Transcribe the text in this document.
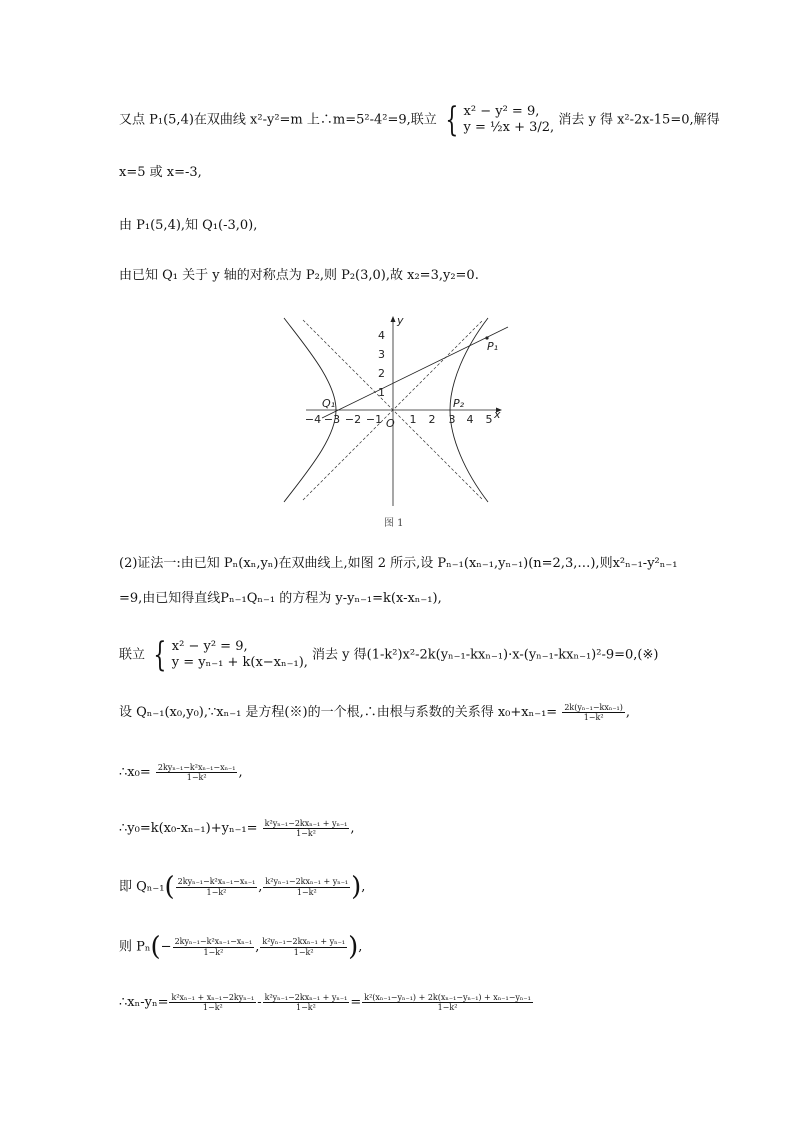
又点 P₁(5,4)在双曲线 x²-y²=m 上∴m=5²-4²=9,联立 { x² − y² = 9,
y = ½x + 3/2, 消去 y 得 x²-2x-15=0,解得
x=5 或 x=-3,
由 P₁(5,4),知 Q₁(-3,0),
由已知 Q₁ 关于 y 轴的对称点为 P₂,则 P₂(3,0),故 x₂=3,y₂=0.
−4 −3 −2 −1 1 2 3 4 5
1
2
3
4
O
x
y
Q₁
P₁
P₂
图 1
(2)证法一:由已知 Pₙ(xₙ,yₙ)在双曲线上,如图 2 所示,设 Pₙ₋₁(xₙ₋₁,yₙ₋₁)(n=2,3,…),则x²ₙ₋₁-y²ₙ₋₁
=9,由已知得直线Pₙ₋₁Qₙ₋₁ 的方程为 y-yₙ₋₁=k(x-xₙ₋₁),
联立 { x² − y² = 9,
y = yₙ₋₁ + k(x−xₙ₋₁), 消去 y 得(1-k²)x²-2k(yₙ₋₁-kxₙ₋₁)·x-(yₙ₋₁-kxₙ₋₁)²-9=0,(※)
设 Qₙ₋₁(x₀,y₀),∵xₙ₋₁ 是方程(※)的一个根,∴由根与系数的关系得 $x_0+x_{n-1}= \frac{\text{2k(yₙ₋₁−kxₙ₋₁)}}{\text{1−k²}}$ ,
∴x₀= $\frac{\text{2kyₙ₋₁−k²xₙ₋₁−xₙ₋₁}}{\text{1−k²}}$ ,
∴y₀=k(x₀-xₙ₋₁)+yₙ₋₁= $\frac{\text{k²yₙ₋₁−2kxₙ₋₁ + yₙ₋₁}}{\text{1−k²}}$ ,
即 $Q_{n-1}( \frac{\text{2kyₙ₋₁−k²xₙ₋₁−xₙ₋₁}}{\text{1−k²}}$ , $\frac{\text{k²yₙ₋₁−2kxₙ₋₁ + yₙ₋₁}}{\text{1−k²}}$ ),
则 $P_n(- \frac{\text{2kyₙ₋₁−k²xₙ₋₁−xₙ₋₁}}{\text{1−k²}}$ , $\frac{\text{k²yₙ₋₁−2kxₙ₋₁ + yₙ₋₁}}{\text{1−k²}}$ ),
∴xₙ-yₙ= $\frac{\text{k²xₙ₋₁ + xₙ₋₁−2kyₙ₋₁}}{\text{1−k²}} - \frac{\text{k²yₙ₋₁−2kxₙ₋₁ + yₙ₋₁}}{\text{1−k²}} = \frac{\text{k²(xₙ₋₁−yₙ₋₁) + 2k(xₙ₋₁−yₙ₋₁) + xₙ₋₁−yₙ₋₁}}{\text{1−k²}}$
